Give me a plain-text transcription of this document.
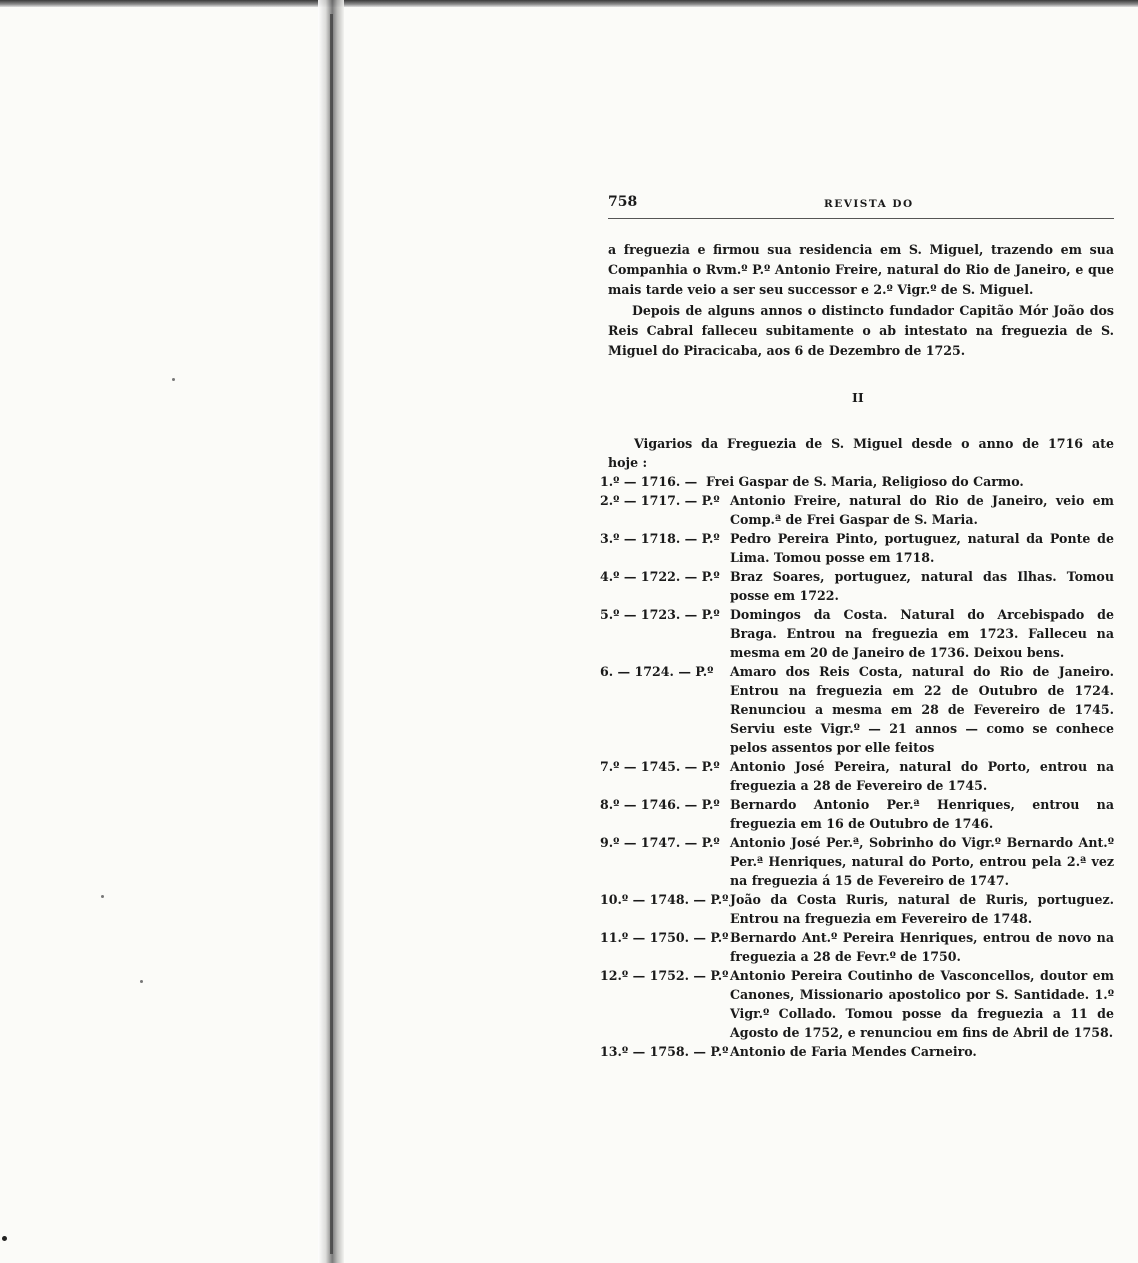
758	REVISTA DO

a freguezia e firmou sua residencia em S. Miguel, trazendo em sua Companhia o Rvm.º P.º Antonio Freire, natural do Rio de Janeiro, e que mais tarde veio a ser seu successor e 2.º Vigr.º de S. Miguel.

Depois de alguns annos o distincto fundador Capitão Mór João dos Reis Cabral falleceu subitamente o ab intestato na freguezia de S. Miguel do Piracicaba, aos 6 de Dezembro de 1725.

II

Vigarios da Freguezia de S. Miguel desde o anno de 1716 ate
hoje :

1.º — 1716. — Frei Gaspar de S. Maria, Religioso do Carmo.
2.º — 1717. — P.º Antonio Freire, natural do Rio de Janeiro, veio em Comp.ª de Frei Gaspar de S. Maria.
3.º — 1718. — P.º Pedro Pereira Pinto, portuguez, natural da Ponte de Lima. Tomou posse em 1718.
4.º — 1722. — P.º Braz Soares, portuguez, natural das Ilhas. Tomou posse em 1722.
5.º — 1723. — P.º Domingos da Costa. Natural do Arcebispado de Braga. Entrou na freguezia em 1723. Falleceu na mesma em 20 de Janeiro de 1736. Deixou bens.
6. — 1724. — P.º	Amaro dos Reis Costa, natural do Rio de Janeiro. Entrou na freguezia em 22 de Outubro de 1724. Renunciou a mesma em 28 de Fevereiro de 1745. Serviu este Vigr.º — 21 annos — como se conhece pelos assentos por elle feitos
7.º — 1745. — P.º Antonio José Pereira, natural do Porto, entrou na freguezia a 28 de Fevereiro de 1745.
8.º — 1746. — P.º Bernardo Antonio Per.ª Henriques, entrou na freguezia em 16 de Outubro de 1746.
9.º — 1747. — P.º Antonio José Per.ª, Sobrinho do Vigr.º Bernardo Ant.º Per.ª Henriques, natural do Porto, entrou pela 2.ª vez na freguezia á 15 de Fevereiro de 1747.
10.º — 1748. — P.º João da Costa Ruris, natural de Ruris, portuguez. Entrou na freguezia em Fevereiro de 1748.
11.º — 1750. — P.º Bernardo Ant.º Pereira Henriques, entrou de novo na freguezia a 28 de Fevr.º de 1750.
12.º — 1752. — P.º Antonio Pereira Coutinho de Vasconcellos, doutor em Canones, Missionario apostolico por S. Santidade. 1.º Vigr.º Collado. Tomou posse da freguezia a 11 de Agosto de 1752, e renunciou em fins de Abril de 1758.
13.º — 1758. — P.º Antonio de Faria Mendes Carneiro.
